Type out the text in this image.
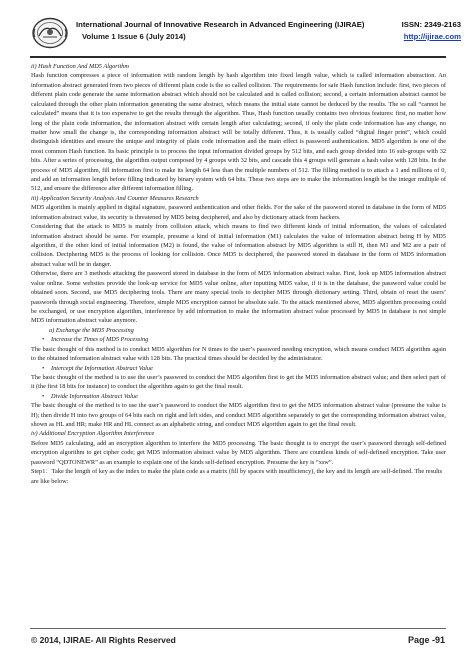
International Journal of Innovative Research in Advanced Engineering (IJIRAE)	ISSN: 2349-2163
Volume 1 Issue 6 (July 2014)	http://ijirae.com

ii) Hash Function And MD5 Algorithm

Hash function compresses a piece of information with random length by hash algorithm into fixed length value, which is called information abstraction. An information abstract generated from two pieces of different plain code is the so called collision. The requirements for safe Hash function include: first, two pieces of different plain code generate the same information abstract which should not be calculated and is called collision; second, a certain information abstract cannot be calculated through the other plain information generating the same abstract, which means the initial state cannot be deduced by the results. The so call “cannot be calculated” means that it is too expensive to get the results through the algorithm. Thus, Hash function usually contains two obvious features: first, no matter how long of the plain code information, the information abstract with certain length after calculating; second, if only the plain code information has any change, no matter how small the change is, the corresponding information abstract will be totally different. Thus, it is usually called “digital finger print”, which could distinguish identities and ensure the unique and integrity of plain code information and the main effect is password authentication. MD5 algorithm is one of the most common Hash function. Its basic principle is to process the input information divided groups by 512 bits, and each group divided into 16 sub-groups with 32 bits. After a series of processing, the algorithm output composed by 4 groups with 32 bits, and cascade this 4 groups will generate a hash value with 128 bits. In the process of MD5 algorithm, fill information first to make its length 64 less than the multiple numbers of 512. The filling method is to attach a 1 and millions of 0, and add an information length before filling indicated by binary system with 64 bits. These two steps are to make the information length be the integer multiple of 512, and ensure the difference after different information filling.

iii) Application Security Analysis And Counter Measures Research

MD5 algorithm is mainly applied in digital signature, password authentication and other fields. For the sake of the password stored in database in the form of MD5 information abstract value, its security is threatened by MD5 being deciphered, and also by dictionary attack from hackers.

Considering that the attack to MD5 is mainly from collision attack, which means to find two different kinds of initial information, the values of calculated information abstract should be same. For example, presume a kind of initial information (M1) calculates the value of information abstract being H by MD5 algorithm, if the other kind of initial information (M2) is found, the value of information abstract by MD5 algorithm is still H, then M1 and M2 are a pair of collision. Deciphering MD5 is the process of looking for collision. Once MD5 is deciphered, the password stored in database in the form of MD5 information abstract value will be in danger.

Otherwise, there are 3 methods attacking the password stored in database in the form of MD5 information abstract value. First, look up MD5 information abstract value online. Some websites provide the look-up service for MD5 value online, after inputting MD5 value, if it is in the database, the password value could be obtained soon. Second, use MD5 deciphering tools. There are many special tools to decipher MD5 through dictionary setting. Third, obtain of reset the users’ passwords through social engineering. Therefore, simple MD5 encryption cannot be absolute safe. To the attack mentioned above, MD5 algorithm processing could be exchanged, or use encryption algorithm, interference by add information to make the information abstract value processed by MD5 in database is not simple MD5 information abstract value anymore.

a) Exchange the MD5 Processing

• Increase the Times of MD5 Processing

The basic thought of this method is to conduct MD5 algorithm for N times to the user’s password needing encryption, which means conduct MD5 algorithm again to the obtained information abstract value with 128 bits. The practical times should be decided by the administrator.

• Intercept the Information Abstract Value

The basic thought of the method is to use the user’s password to conduct the MD5 algorithm first to get the MD5 information abstract value; and then select part of it (the first 18 bits for instance) to conduct the algorithm again to get the final result.

• Divide Information Abstract Value

The basic thought of the method is to use the user’s password to conduct the MD5 algorithm first to get the MD5 information abstract value (presume the value is H); then divide H into two groups of 64 bits each on right and left sides, and conduct MD5 algorithm separately to get the corresponding information abstract value, shown as HL and HR; make HR and HL connect as an alphabetic string, and conduct MD5 algorithm again to get the final result.

iv) Additional Encryption Algorithm Interference

Before MD5 calculating, add an encryption algorithm to interfere the MD5 processing. The basic thought is to encrypt the user’s password through self-defined encryption algorithm to get cipher code; get MD5 information abstract value by MD5 algorithm. There are countless kinds of self-defined encryption. Take user password “QDTONEWR” as an example to explain one of the kinds self-defined encryption. Presume the key is “xsw”.

Step1：Take the length of key as the index to make the plain code as a matrix (fill by spaces with insufficiency), the key and its length are self-defined. The results are like below:

© 2014, IJIRAE- All Rights Reserved	Page -91
